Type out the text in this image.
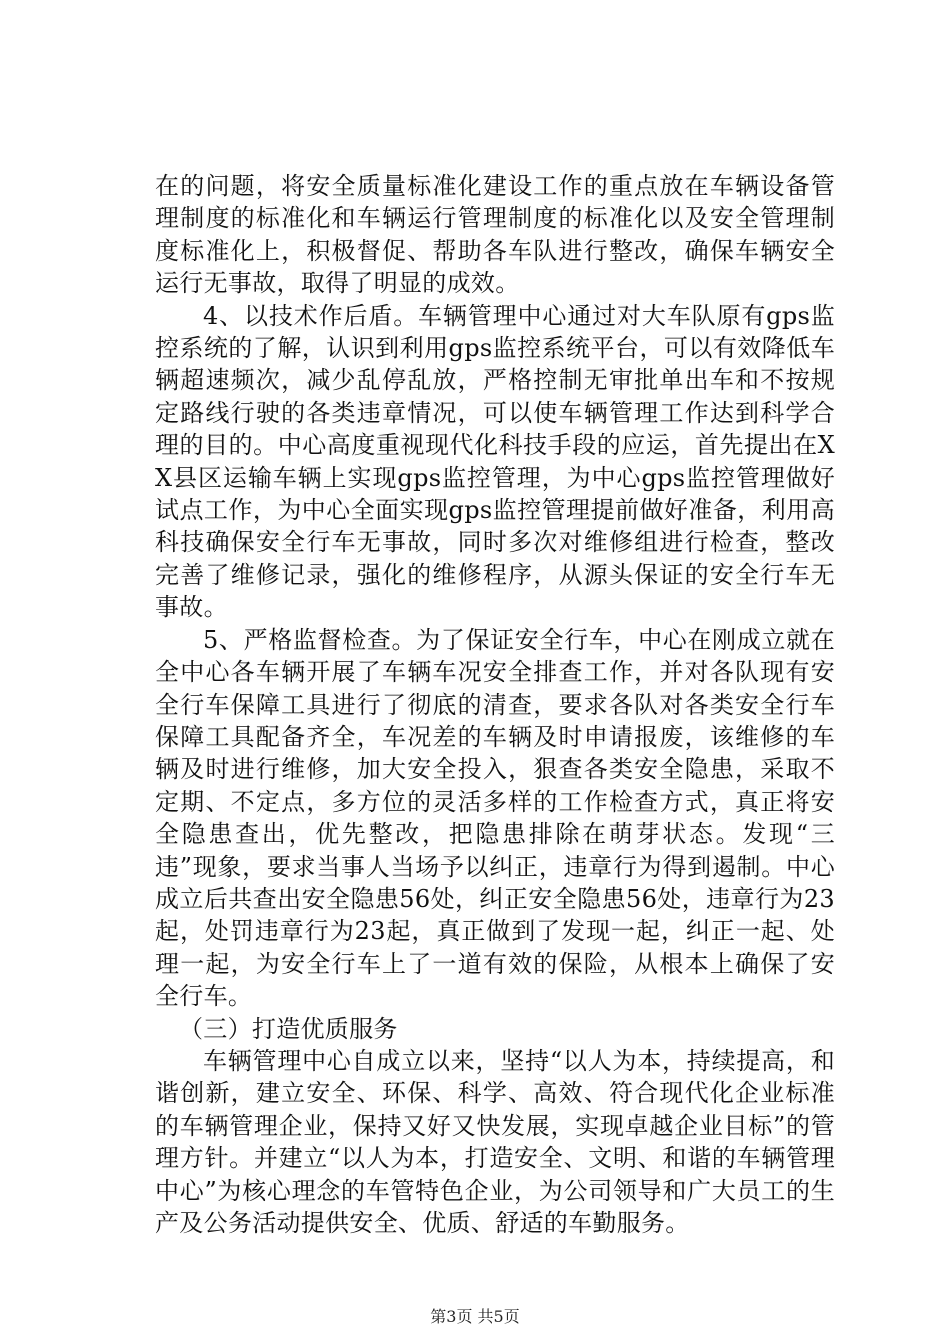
在的问题，将安全质量标准化建设工作的重点放在车辆设备管理制度的标准化和车辆运行管理制度的标准化以及安全管理制度标准化上，积极督促、帮助各车队进行整改，确保车辆安全运行无事故，取得了明显的成效。

4、以技术作后盾。车辆管理中心通过对大车队原有gps监控系统的了解，认识到利用gps监控系统平台，可以有效降低车辆超速频次，减少乱停乱放，严格控制无审批单出车和不按规定路线行驶的各类违章情况，可以使车辆管理工作达到科学合理的目的。中心高度重视现代化科技手段的应运，首先提出在XX县区运输车辆上实现gps监控管理，为中心gps监控管理做好试点工作，为中心全面实现gps监控管理提前做好准备，利用高科技确保安全行车无事故，同时多次对维修组进行检查，整改完善了维修记录，强化的维修程序，从源头保证的安全行车无事故。

5、严格监督检查。为了保证安全行车，中心在刚成立就在全中心各车辆开展了车辆车况安全排查工作，并对各队现有安全行车保障工具进行了彻底的清查，要求各队对各类安全行车保障工具配备齐全，车况差的车辆及时申请报废，该维修的车辆及时进行维修，加大安全投入，狠查各类安全隐患，采取不定期、不定点，多方位的灵活多样的工作检查方式，真正将安全隐患查出，优先整改，把隐患排除在萌芽状态。发现“三违”现象，要求当事人当场予以纠正，违章行为得到遏制。中心成立后共查出安全隐患56处，纠正安全隐患56处，违章行为23起，处罚违章行为23起，真正做到了发现一起，纠正一起、处理一起，为安全行车上了一道有效的保险，从根本上确保了安全行车。

（三）打造优质服务

车辆管理中心自成立以来，坚持“以人为本，持续提高，和谐创新，建立安全、环保、科学、高效、符合现代化企业标准的车辆管理企业，保持又好又快发展，实现卓越企业目标”的管理方针。并建立“以人为本，打造安全、文明、和谐的车辆管理中心”为核心理念的车管特色企业，为公司领导和广大员工的生产及公务活动提供安全、优质、舒适的车勤服务。

第3页 共5页
